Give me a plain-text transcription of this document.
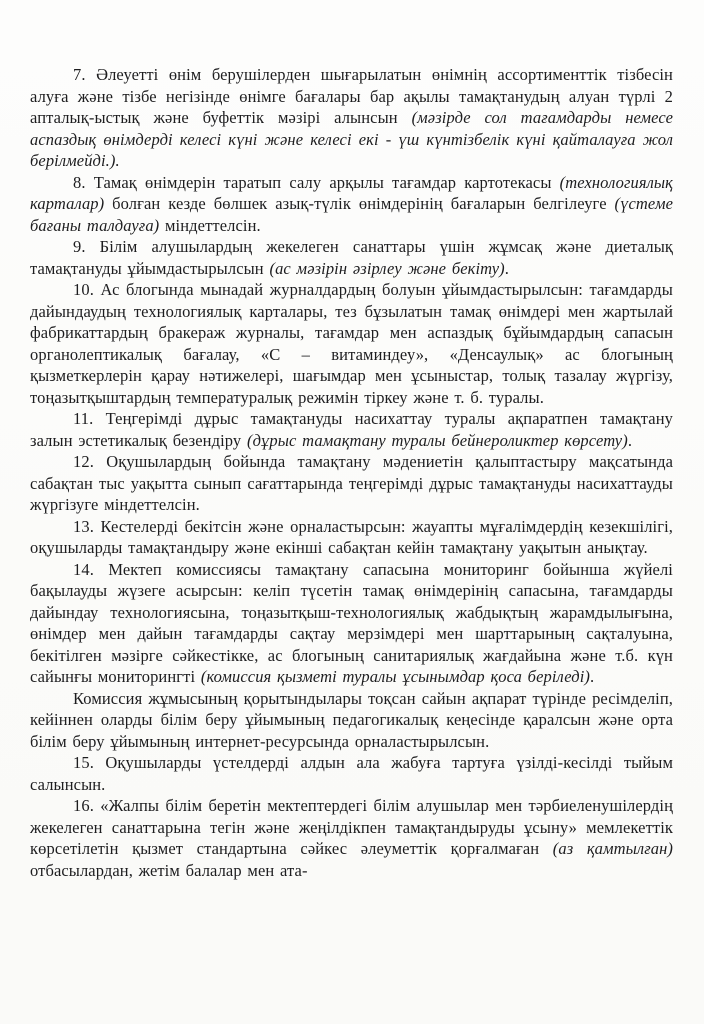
7. Әлеуетті өнім берушілерден шығарылатын өнімнің ассортименттік тізбесін алуға және тізбе негізінде өнімге бағалары бар ақылы тамақтанудың алуан түрлі 2 апталық-ыстық және буфеттік мәзірі алынсын (мәзірде сол тағамдарды немесе аспаздық өнімдерді келесі күні және келесі екі - үш күнтізбелік күні қайталауға жол берілмейді.).

8. Тамақ өнімдерін таратып салу арқылы тағамдар картотекасы (технологиялық карталар) болған кезде бөлшек азық-түлік өнімдерінің бағаларын белгілеуге (үстеме бағаны талдауға) міндеттелсін.

9. Білім алушылардың жекелеген санаттары үшін жұмсақ және диеталық тамақтануды ұйымдастырылсын (ас мәзірін әзірлеу және бекіту).

10. Ас блогында мынадай журналдардың болуын ұйымдастырылсын: тағамдарды дайындаудың технологиялық карталары, тез бұзылатын тамақ өнімдері мен жартылай фабрикаттардың бракераж журналы, тағамдар мен аспаздық бұйымдардың сапасын органолептикалық бағалау, «С – витаминдеу», «Денсаулық» ас блогының қызметкерлерін қарау нәтижелері, шағымдар мен ұсыныстар, толық тазалау жүргізу, тоңазытқыштардың температуралық режимін тіркеу және т. б. туралы.

11. Теңгерімді дұрыс тамақтануды насихаттау туралы ақпаратпен тамақтану залын эстетикалық безендіру (дұрыс тамақтану туралы бейнероликтер көрсету).

12. Оқушылардың бойында тамақтану мәдениетін қалыптастыру мақсатында сабақтан тыс уақытта сынып сағаттарында теңгерімді дұрыс тамақтануды насихаттауды жүргізуге міндеттелсін.

13. Кестелерді бекітсін және орналастырсын: жауапты мұғалімдердің кезекшілігі, оқушыларды тамақтандыру және екінші сабақтан кейін тамақтану уақытын анықтау.

14. Мектеп комиссиясы тамақтану сапасына мониторинг бойынша жүйелі бақылауды жүзеге асырсын: келіп түсетін тамақ өнімдерінің сапасына, тағамдарды дайындау технологиясына, тоңазытқыш-технологиялық жабдықтың жарамдылығына, өнімдер мен дайын тағамдарды сақтау мерзімдері мен шарттарының сақталуына, бекітілген мәзірге сәйкестікке, ас блогының санитариялық жағдайына және т.б. күн сайынғы мониторингті (комиссия қызметі туралы ұсынымдар қоса беріледі).

Комиссия жұмысының қорытындылары тоқсан сайын ақпарат түрінде ресімделіп, кейіннен оларды білім беру ұйымының педагогикалық кеңесінде қаралсын және орта білім беру ұйымының интернет-ресурсында орналастырылсын.

15. Оқушыларды үстелдерді алдын ала жабуға тартуға үзілді-кесілді тыйым салынсын.

16. «Жалпы білім беретін мектептердегі білім алушылар мен тәрбиеленушілердің жекелеген санаттарына тегін және жеңілдікпен тамақтандыруды ұсыну» мемлекеттік көрсетілетін қызмет стандартына сәйкес әлеуметтік қорғалмаған (аз қамтылған) отбасылардан, жетім балалар мен ата-
